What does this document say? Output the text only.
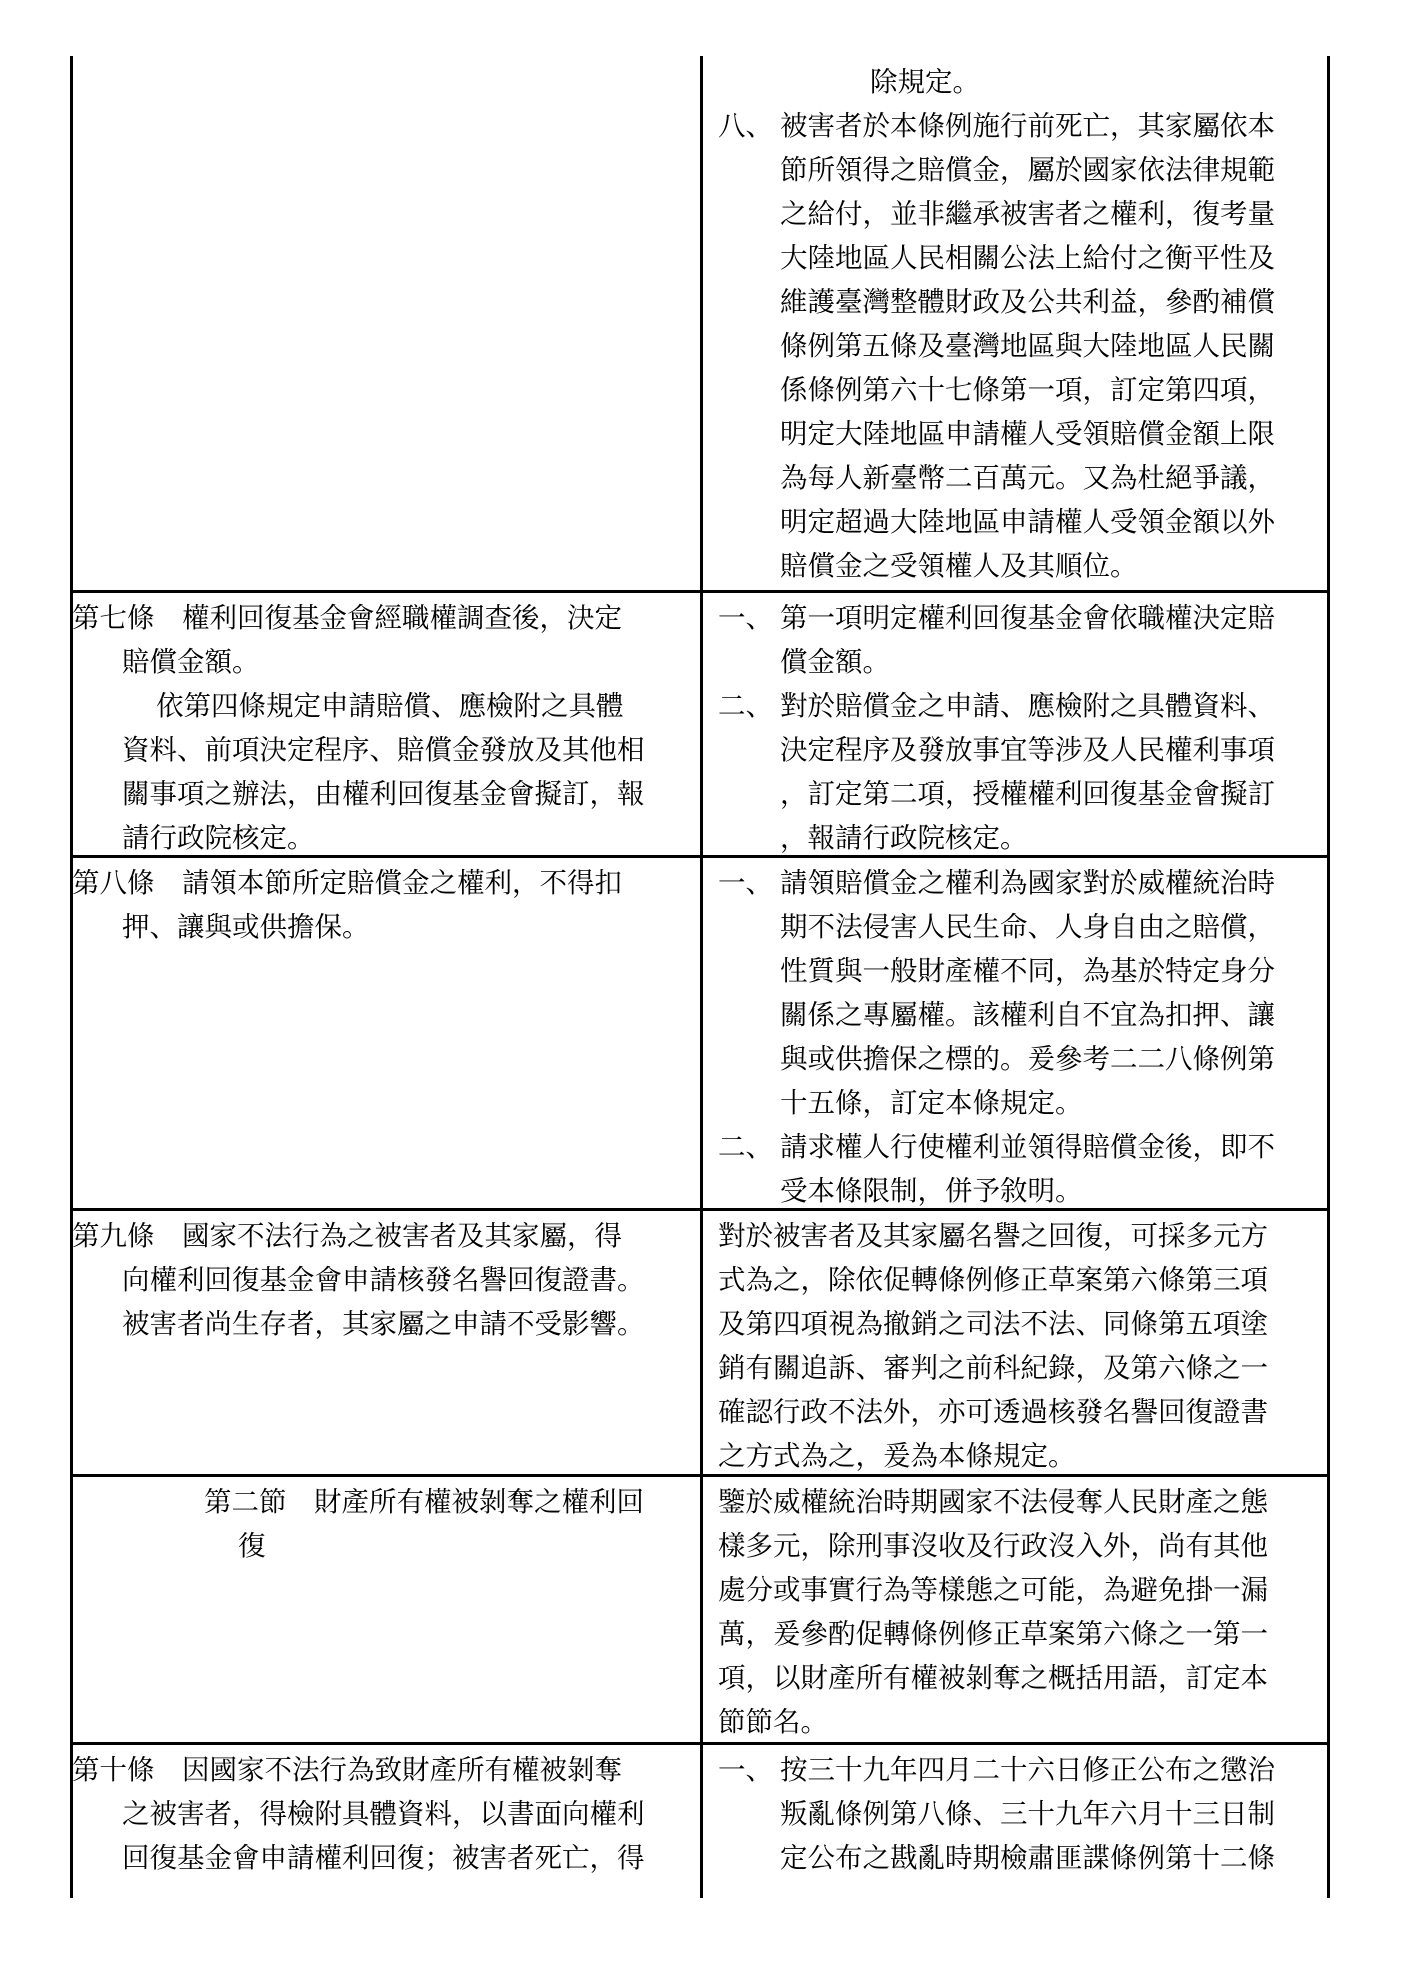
除規定。
八、 被害者於本條例施行前死亡，其家屬依本
節所領得之賠償金，屬於國家依法律規範
之給付，並非繼承被害者之權利，復考量
大陸地區人民相關公法上給付之衡平性及
維護臺灣整體財政及公共利益，參酌補償
條例第五條及臺灣地區與大陸地區人民關
係條例第六十七條第一項，訂定第四項，
明定大陸地區申請權人受領賠償金額上限
為每人新臺幣二百萬元。又為杜絕爭議，
明定超過大陸地區申請權人受領金額以外
賠償金之受領權人及其順位。
第七條　權利回復基金會經職權調查後，決定
賠償金額。
依第四條規定申請賠償、應檢附之具體
資料、前項決定程序、賠償金發放及其他相
關事項之辦法，由權利回復基金會擬訂，報
請行政院核定。
一、 第一項明定權利回復基金會依職權決定賠
償金額。
二、 對於賠償金之申請、應檢附之具體資料、
決定程序及發放事宜等涉及人民權利事項
，訂定第二項，授權權利回復基金會擬訂
，報請行政院核定。
第八條　請領本節所定賠償金之權利，不得扣
押、讓與或供擔保。
一、 請領賠償金之權利為國家對於威權統治時
期不法侵害人民生命、人身自由之賠償，
性質與一般財產權不同，為基於特定身分
關係之專屬權。該權利自不宜為扣押、讓
與或供擔保之標的。爰參考二二八條例第
十五條，訂定本條規定。
二、 請求權人行使權利並領得賠償金後，即不
受本條限制，併予敘明。
第九條　國家不法行為之被害者及其家屬，得
向權利回復基金會申請核發名譽回復證書。
被害者尚生存者，其家屬之申請不受影響。
對於被害者及其家屬名譽之回復，可採多元方
式為之，除依促轉條例修正草案第六條第三項
及第四項視為撤銷之司法不法、同條第五項塗
銷有關追訴、審判之前科紀錄，及第六條之一
確認行政不法外，亦可透過核發名譽回復證書
之方式為之，爰為本條規定。
第二節　財產所有權被剝奪之權利回
復
鑒於威權統治時期國家不法侵奪人民財產之態
樣多元，除刑事沒收及行政沒入外，尚有其他
處分或事實行為等樣態之可能，為避免掛一漏
萬，爰參酌促轉條例修正草案第六條之一第一
項，以財產所有權被剝奪之概括用語，訂定本
節節名。
第十條　因國家不法行為致財產所有權被剝奪
之被害者，得檢附具體資料，以書面向權利
回復基金會申請權利回復；被害者死亡，得
一、 按三十九年四月二十六日修正公布之懲治
叛亂條例第八條、三十九年六月十三日制
定公布之戡亂時期檢肅匪諜條例第十二條
